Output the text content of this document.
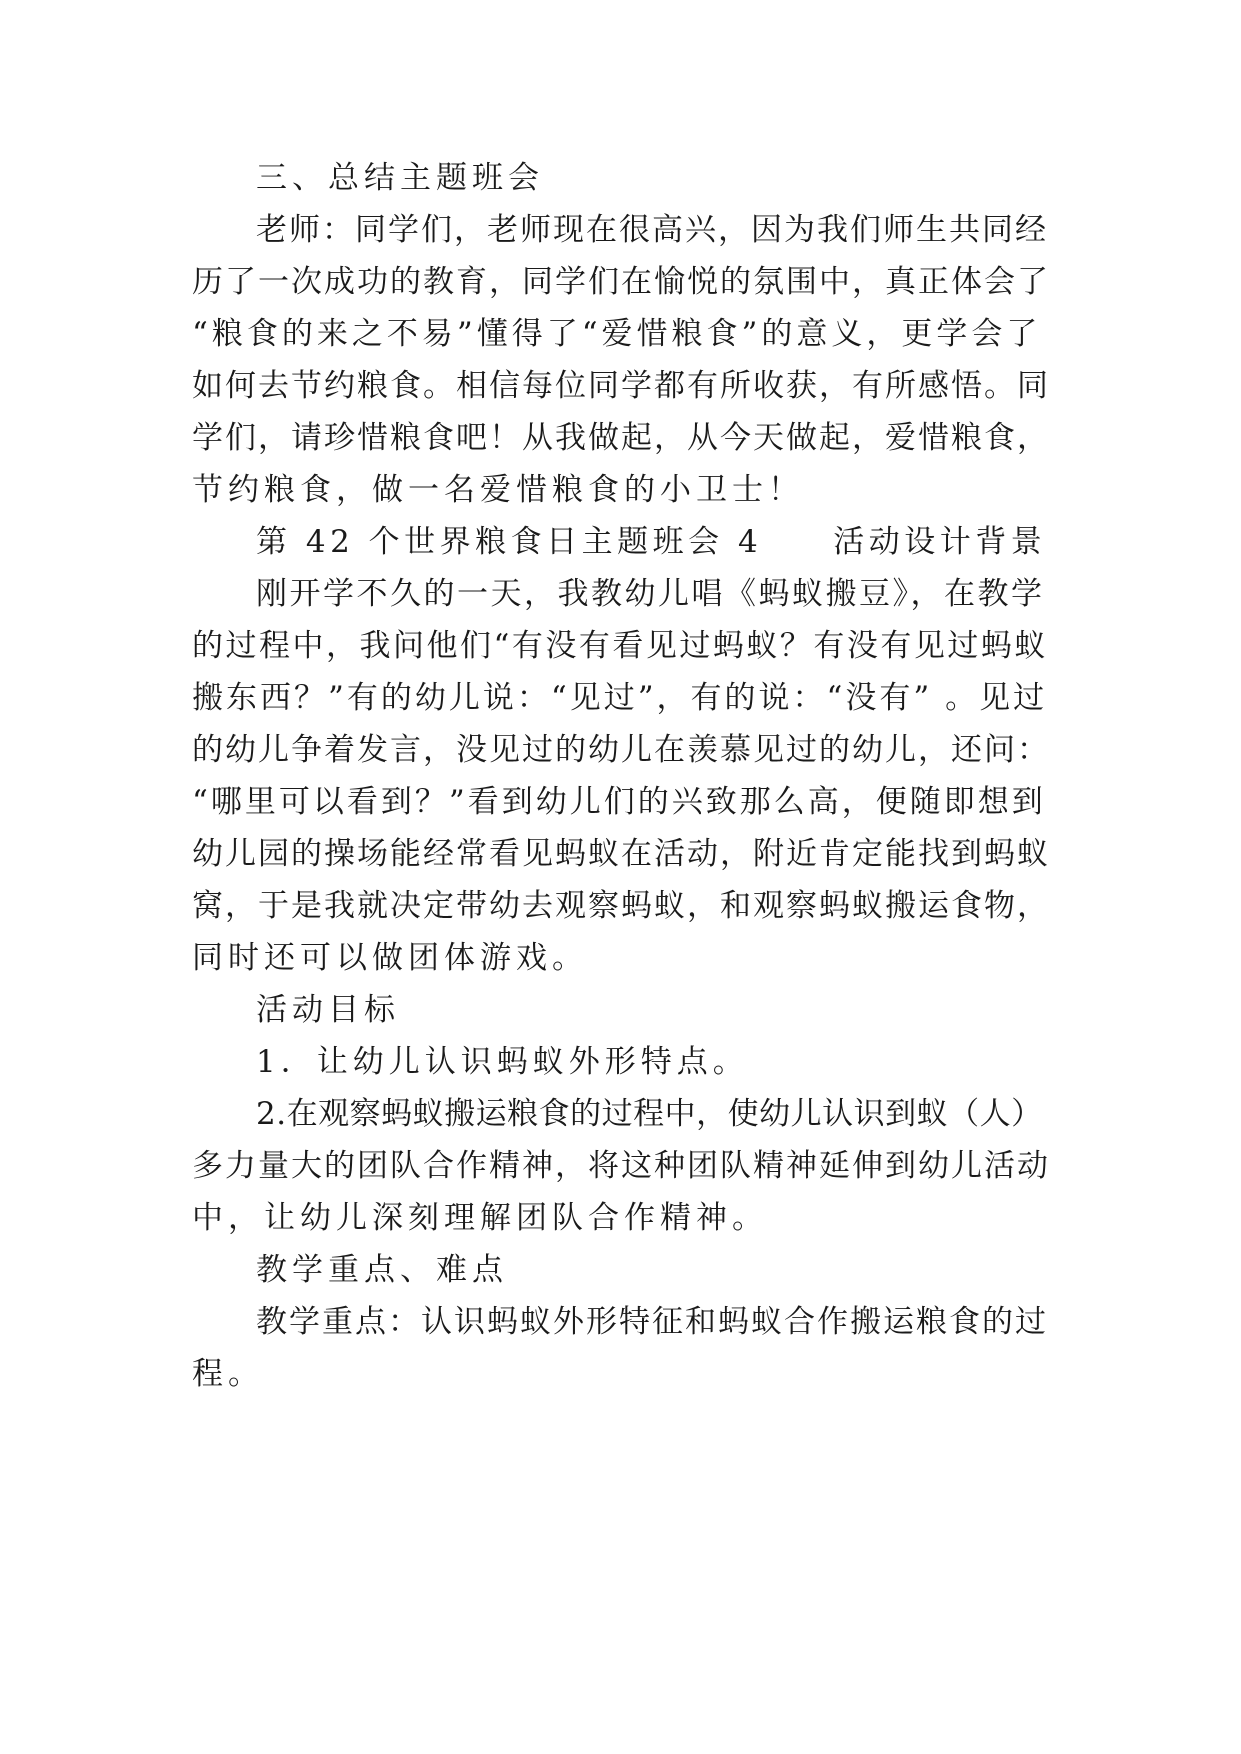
三、总结主题班会
老师：同学们，老师现在很高兴，因为我们师生共同经
历了一次成功的教育，同学们在愉悦的氛围中，真正体会了
“粮食的来之不易”懂得了“爱惜粮食”的意义，更学会了
如何去节约粮食。相信每位同学都有所收获，有所感悟。同
学们，请珍惜粮食吧！从我做起，从今天做起，爱惜粮食，
节约粮食，做一名爱惜粮食的小卫士！
第 42 个世界粮食日主题班会 4　　活动设计背景
刚开学不久的一天，我教幼儿唱《蚂蚁搬豆》，在教学
的过程中，我问他们“有没有看见过蚂蚁？有没有见过蚂蚁
搬东西？”有的幼儿说：“见过”，有的说：“没有” 。见过
的幼儿争着发言，没见过的幼儿在羡慕见过的幼儿，还问：
“哪里可以看到？”看到幼儿们的兴致那么高，便随即想到
幼儿园的操场能经常看见蚂蚁在活动，附近肯定能找到蚂蚁
窝，于是我就决定带幼去观察蚂蚁，和观察蚂蚁搬运食物，
同时还可以做团体游戏。
活动目标
1．让幼儿认识蚂蚁外形特点。
2.在观察蚂蚁搬运粮食的过程中，使幼儿认识到蚁（人）
多力量大的团队合作精神，将这种团队精神延伸到幼儿活动
中，让幼儿深刻理解团队合作精神。
教学重点、难点
教学重点：认识蚂蚁外形特征和蚂蚁合作搬运粮食的过
程。
